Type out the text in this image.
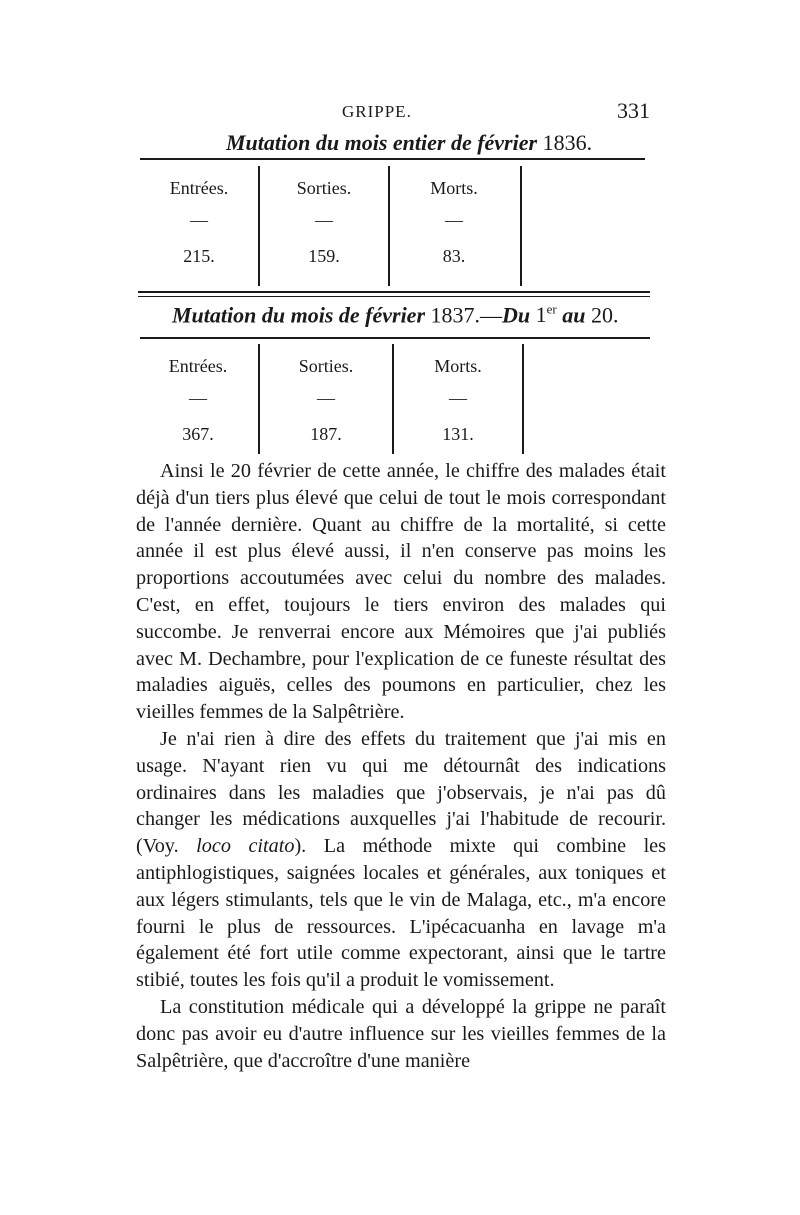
GRIPPE.	331
Mutation du mois entier de février 1836.
Entrées.
—
215.
Sorties.
—
159.
Morts.
—
83.
Mutation du mois de février 1837.—Du 1er au 20.
Entrées.
—
367.
Sorties.
—
187.
Morts.
—
131.

Ainsi le 20 février de cette année, le chiffre des malades était déjà d'un tiers plus élevé que celui de tout le mois correspondant de l'année dernière. Quant au chiffre de la mortalité, si cette année il est plus élevé aussi, il n'en conserve pas moins les proportions accoutumées avec celui du nombre des malades. C'est, en effet, toujours le tiers environ des malades qui succombe. Je renverrai encore aux Mémoires que j'ai publiés avec M. Dechambre, pour l'explication de ce funeste résultat des maladies aiguës, celles des poumons en particulier, chez les vieilles femmes de la Salpêtrière.

Je n'ai rien à dire des effets du traitement que j'ai mis en usage. N'ayant rien vu qui me détournât des indications ordinaires dans les maladies que j'observais, je n'ai pas dû changer les médications auxquelles j'ai l'habitude de recourir. (Voy. loco citato). La méthode mixte qui combine les antiphlogistiques, saignées locales et générales, aux toniques et aux légers stimulants, tels que le vin de Malaga, etc., m'a encore fourni le plus de ressources. L'ipécacuanha en lavage m'a également été fort utile comme expectorant, ainsi que le tartre stibié, toutes les fois qu'il a produit le vomissement.

La constitution médicale qui a développé la grippe ne paraît donc pas avoir eu d'autre influence sur les vieilles femmes de la Salpêtrière, que d'accroître d'une manière
